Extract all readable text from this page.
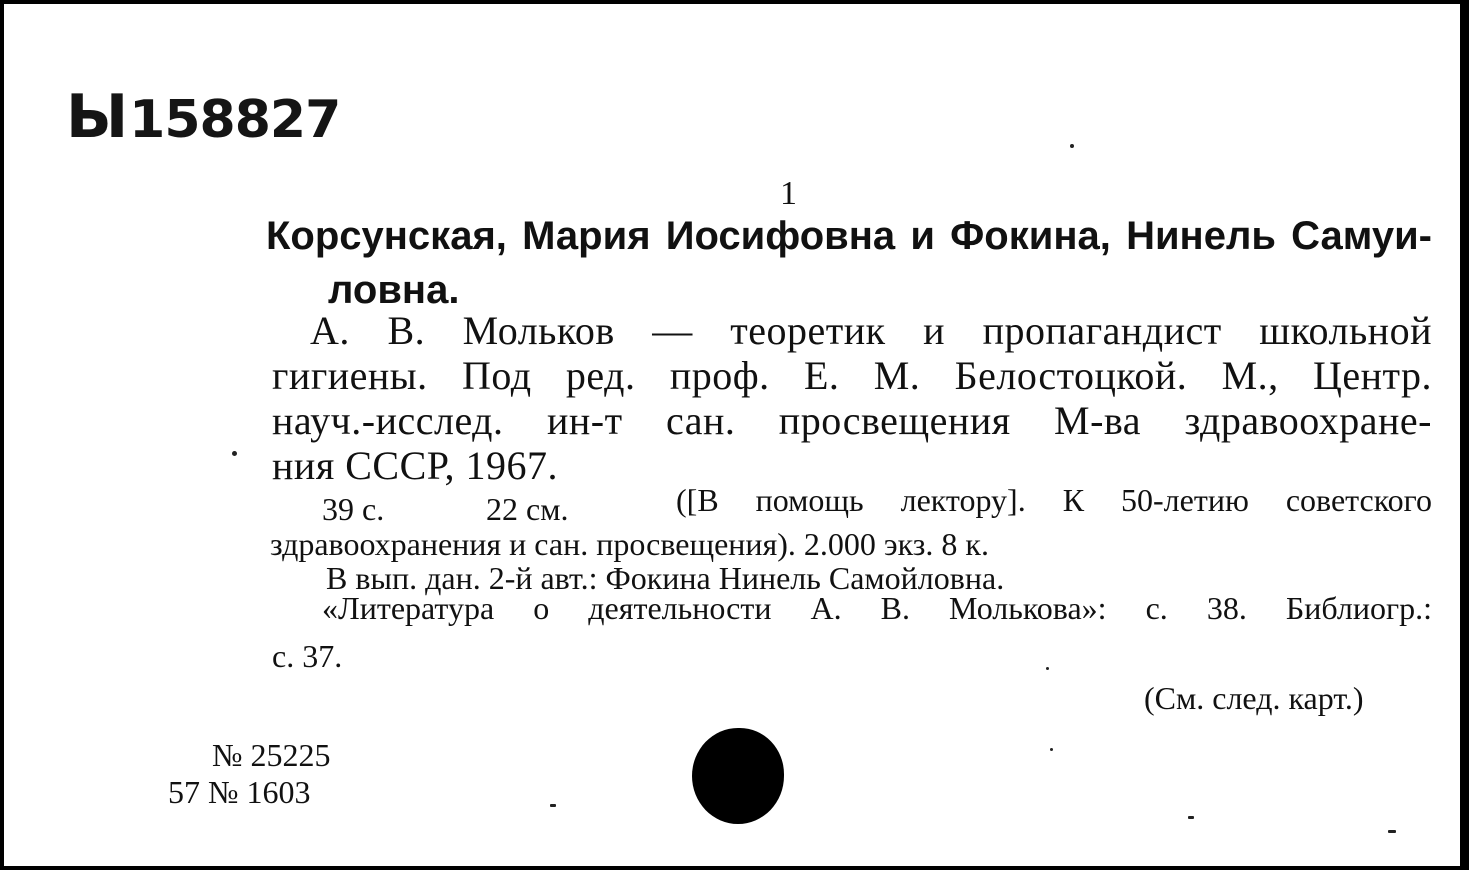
Ы158827
1
Корсунская, Мария Иосифовна и Фокина, Нинель Самуи-
ловна.
А. В. Мольков — теоретик и пропагандист школьной
гигиены. Под ред. проф. Е. М. Белостоцкой. М., Центр.
науч.-исслед. ин-т сан. просвещения М-ва здравоохране-
ния СССР, 1967.
39 с.	22 см.	([В помощь лектору]. К 50-летию советского
здравоохранения и сан. просвещения). 2.000 экз. 8 к.
В вып. дан. 2-й авт.: Фокина Нинель Самойловна.
«Литература о деятельности А. В. Молькова»: с. 38. Библиогр.:
с. 37.
(См. след. карт.)
№ 25225
57 № 1603
